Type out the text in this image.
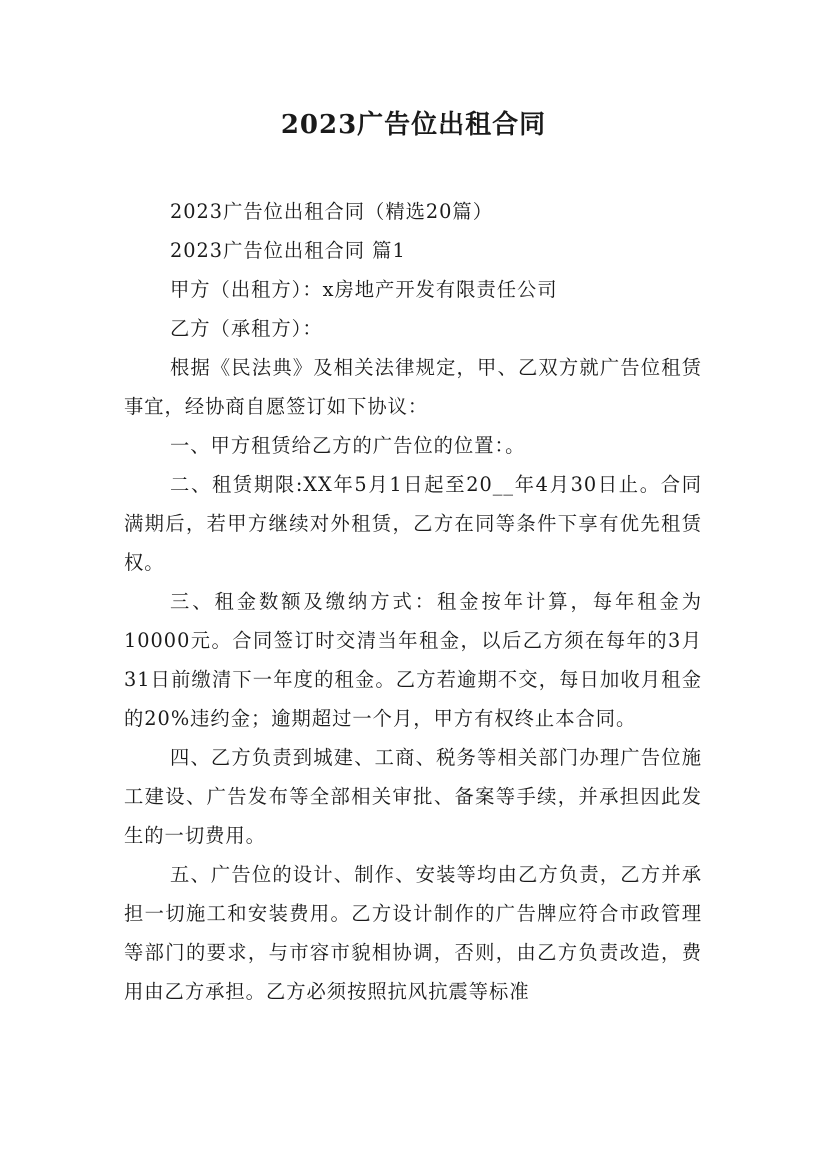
2023广告位出租合同

2023广告位出租合同（精选20篇）

2023广告位出租合同 篇1

甲方（出租方）：x房地产开发有限责任公司

乙方（承租方）：

根据《民法典》及相关法律规定，甲、乙双方就广告位租赁事宜，经协商自愿签订如下协议：

一、甲方租赁给乙方的广告位的位置：。

二、租赁期限:XX年5月1日起至20__年4月30日止。合同满期后，若甲方继续对外租赁，乙方在同等条件下享有优先租赁权。

三、租金数额及缴纳方式：租金按年计算，每年租金为10000元。合同签订时交清当年租金，以后乙方须在每年的3月31日前缴清下一年度的租金。乙方若逾期不交，每日加收月租金的20%违约金；逾期超过一个月，甲方有权终止本合同。

四、乙方负责到城建、工商、税务等相关部门办理广告位施工建设、广告发布等全部相关审批、备案等手续，并承担因此发生的一切费用。

五、广告位的设计、制作、安装等均由乙方负责，乙方并承担一切施工和安装费用。乙方设计制作的广告牌应符合市政管理等部门的要求，与市容市貌相协调，否则，由乙方负责改造，费用由乙方承担。乙方必须按照抗风抗震等标准
